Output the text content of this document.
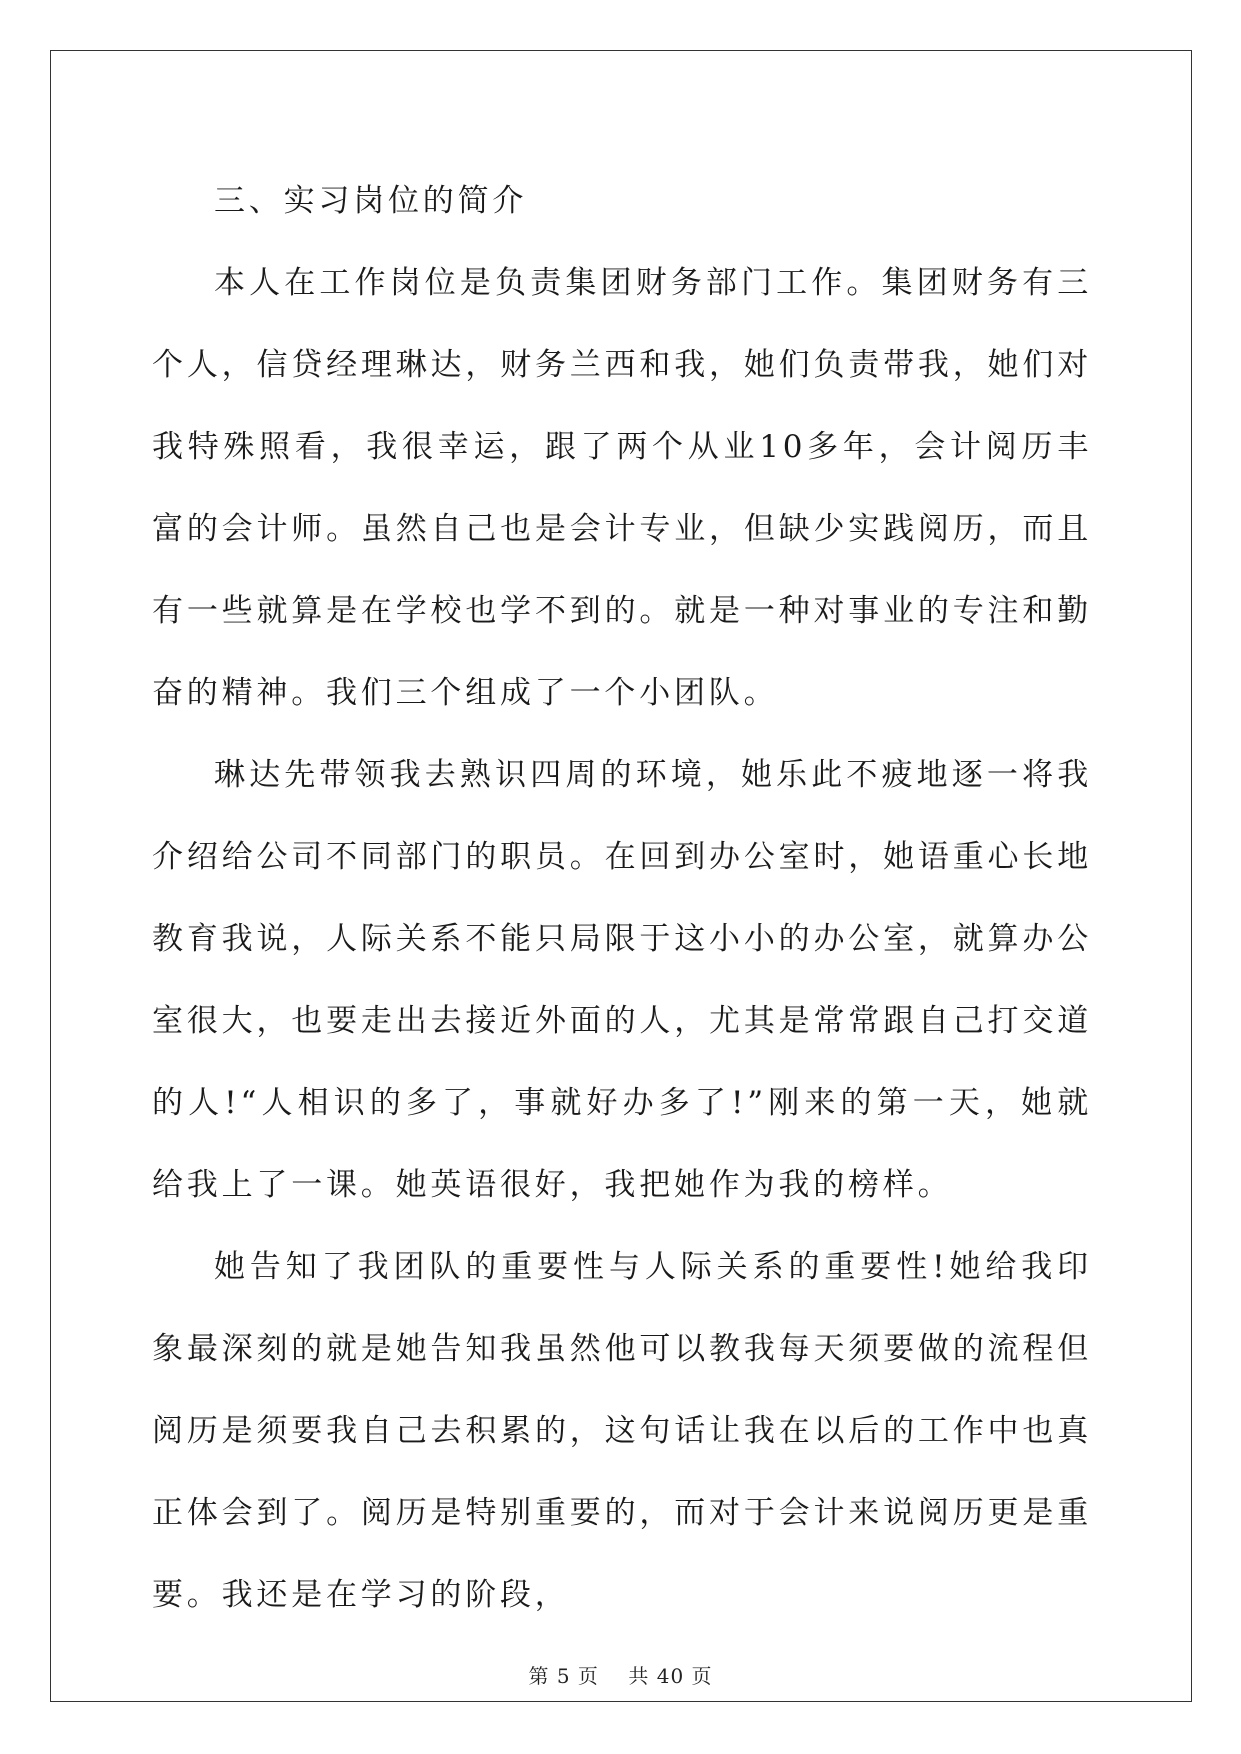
三、实习岗位的简介

本人在工作岗位是负责集团财务部门工作。集团财务有三个人，信贷经理琳达，财务兰西和我，她们负责带我，她们对我特殊照看，我很幸运，跟了两个从业10多年，会计阅历丰富的会计师。虽然自己也是会计专业，但缺少实践阅历，而且有一些就算是在学校也学不到的。就是一种对事业的专注和勤奋的精神。我们三个组成了一个小团队。

琳达先带领我去熟识四周的环境，她乐此不疲地逐一将我介绍给公司不同部门的职员。在回到办公室时，她语重心长地教育我说，人际关系不能只局限于这小小的办公室，就算办公室很大，也要走出去接近外面的人，尤其是常常跟自己打交道的人!“人相识的多了，事就好办多了!”刚来的第一天，她就给我上了一课。她英语很好，我把她作为我的榜样。

她告知了我团队的重要性与人际关系的重要性!她给我印象最深刻的就是她告知我虽然他可以教我每天须要做的流程但阅历是须要我自己去积累的，这句话让我在以后的工作中也真正体会到了。阅历是特别重要的，而对于会计来说阅历更是重要。我还是在学习的阶段，

第 5 页 共 40 页
